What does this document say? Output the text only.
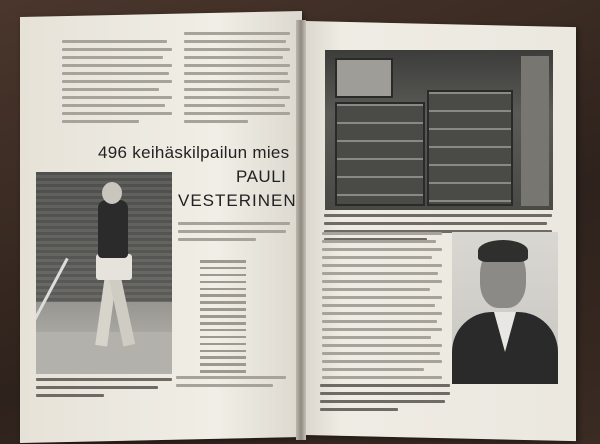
496 keihäskilpailun mies
PAULI
VESTERINEN
